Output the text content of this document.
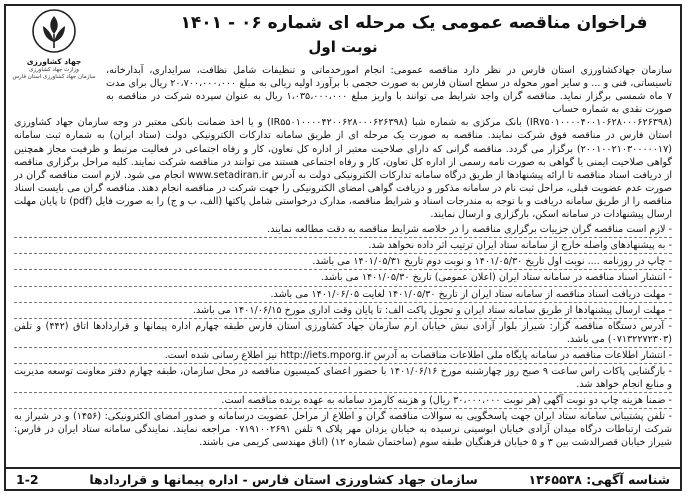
فراخوان مناقصه عمومی یک مرحله ای شماره ۰۶ - ۱۴۰۱
نوبت اول
جهاد کشاورزی
وزارت جهاد کشاورزی
سازمان جهاد کشاورزی استان فارس

سازمان جهادکشاورزی استان فارس در نظر دارد مناقصه عمومی: انجام امورخدماتی و تنظیفات شامل نظافت، سرایداری، آبدارخانه، تاسیساتی، فنی و ... و سایر امور محوله در سطح استان فارس به صورت حجمی با برآورد اولیه ریالی به مبلغ ۲۰،۷۰۰،۰۰۰،۰۰۰ ریال برای مدت ۷ ماه شمسی برگزار نماید. مناقصه گران واجد شرایط می توانند با واریز مبلغ ۱،۰۳۵،۰۰۰،۰۰۰ ریال به عنوان سپرده شرکت در مناقصه به صورت نقدی به شماره حساب

(IR۷۵۰۱۰۰۰۰۴۰۰۱۰۶۲۸۰۰۰۶۲۶۳۹۸) بانک مرکزی به شماره شبا (IR۵۵۰۱۰۰۰۰۴۲۰۰۶۲۸۰۰۰۶۲۶۳۹۸) و یا اخذ ضمانت بانکی معتبر در وجه سازمان جهاد کشاورزی استان فارس در مناقصه فوق شرکت نمایند. مناقصه به صورت یک مرحله ای از طریق سامانه تدارکات الکترونیکی دولت (ستاد ایران) به شماره ثبت سامانه (۲۰۰۱۰۰۲۱۰۳۰۰۰۰۰۱۷) برگزار می گردد. مناقصه گرانی که دارای صلاحیت معتبر از اداره کل تعاون، کار و رفاه اجتماعی در فعالیت مرتبط و ظرفیت مجاز همچنین گواهی صلاحیت ایمنی یا گواهی به صورت نامه رسمی از اداره کل تعاون، کار و رفاه اجتماعی هستند می توانند در مناقصه شرکت نمایند. کلیه مراحل برگزاری مناقصه از دریافت اسناد مناقصه تا ارائه پیشنهادها از طریق درگاه سامانه تدارکات الکترونیکی دولت به آدرس www.setadiran.ir انجام می شود. لازم است مناقصه گران در صورت عدم عضویت قبلی، مراحل ثبت نام در سامانه مذکور و دریافت گواهی امضای الکترونیکی را جهت شرکت در مناقصه انجام دهند. مناقصه گران می بایست اسناد مناقصه را از طریق سامانه دریافت و با توجه به مندرجات اسناد و شرایط مناقصه، مدارک درخواستی شامل پاکتها (الف، ب و ج) را به صورت فایل (pdf) تا پایان مهلت ارسال پیشنهادات در سامانه اسکن، بارگزاری و ارسال نمایند.

- لازم است مناقصه گران جزییات برگزاری مناقصه را در خلاصه شرایط مناقصه به دقت مطالعه نمایند.
- به پیشنهادهای واصله خارج از سامانه ستاد ایران ترتیب اثر داده نخواهد شد.
- چاپ در روزنامه .... نوبت اول تاریخ ۱۴۰۱/۰۵/۳۰ و نوبت دوم تاریخ ۱۴۰۱/۰۵/۳۱ می باشد.
- انتشار اسناد مناقصه در سامانه ستاد ایران (اعلان عمومی) تاریخ ۱۴۰۱/۰۵/۳۰ می باشد.
- مهلت دریافت اسناد مناقصه از سامانه ستاد ایران از تاریخ ۱۴۰۱/۰۵/۳۰ لغایت ۱۴۰۱/۰۶/۰۵ می باشد.
- مهلت ارسال پیشنهادها از طریق سامانه ستاد ایران و تحویل پاکت الف: تا پایان وقت اداری مورخ ۱۴۰۱/۰۶/۱۵ می باشد.
- آدرس دستگاه مناقصه گزار: شیراز بلوار آزادی نبش خیابان ارم سازمان جهاد کشاورزی استان فارس طبقه چهارم اداره پیمانها و قراردادها اتاق (۴۴۲) و تلفن (۰۷۱۳۲۲۷۲۳۰۳) می باشد.
- انتشار اطلاعات مناقصه در سامانه پایگاه ملی اطلاعات مناقصات به آدرس http://iets.mporg.ir نیز اطلاع رسانی شده است.
- بازگشایی پاکات راس ساعت ۹ صبح روز چهارشنبه مورخ ۱۴۰۱/۰۶/۱۶ با حضور اعضای کمیسیون مناقصه در محل سازمان، طبقه چهارم دفتر معاونت توسعه مدیریت و منابع انجام خواهد شد.
- ضمنا هزینه چاپ دو نوبت آگهی (هر نوبت ۳۰،۰۰۰،۰۰۰ ریال) و هزینه کارمزد سامانه به عهده برنده مناقصه است.
- تلفن پشتیبانی سامانه ستاد ایران جهت پاسخگویی به سوالات مناقصه گران و اطلاع از مراحل عضویت درسامانه و صدور امضای الکترونیکی: (۱۴۵۶) و در شیراز به شرکت ارتباطات درگاه میدان آزادی خیابان ابوسینی نرسیده به خیابان یزدان مهر پلاک ۹ تلفن ۰۷۱۹۱۰۰۲۶۹۱ مراجعه نمایند. نمایندگی سامانه ستاد ایران در فارس: شیراز خیابان قصرالدشت بین ۳ و ۵ خیابان فرهنگیان طبقه سوم (ساختمان شماره ۱۲) (اتاق مهندسی کریمی می باشند.
شناسه آگهی: ۱۳۶۵۵۳۸
سازمان جهاد کشاورزی استان فارس - اداره پیمانها و قراردادها
1-2
